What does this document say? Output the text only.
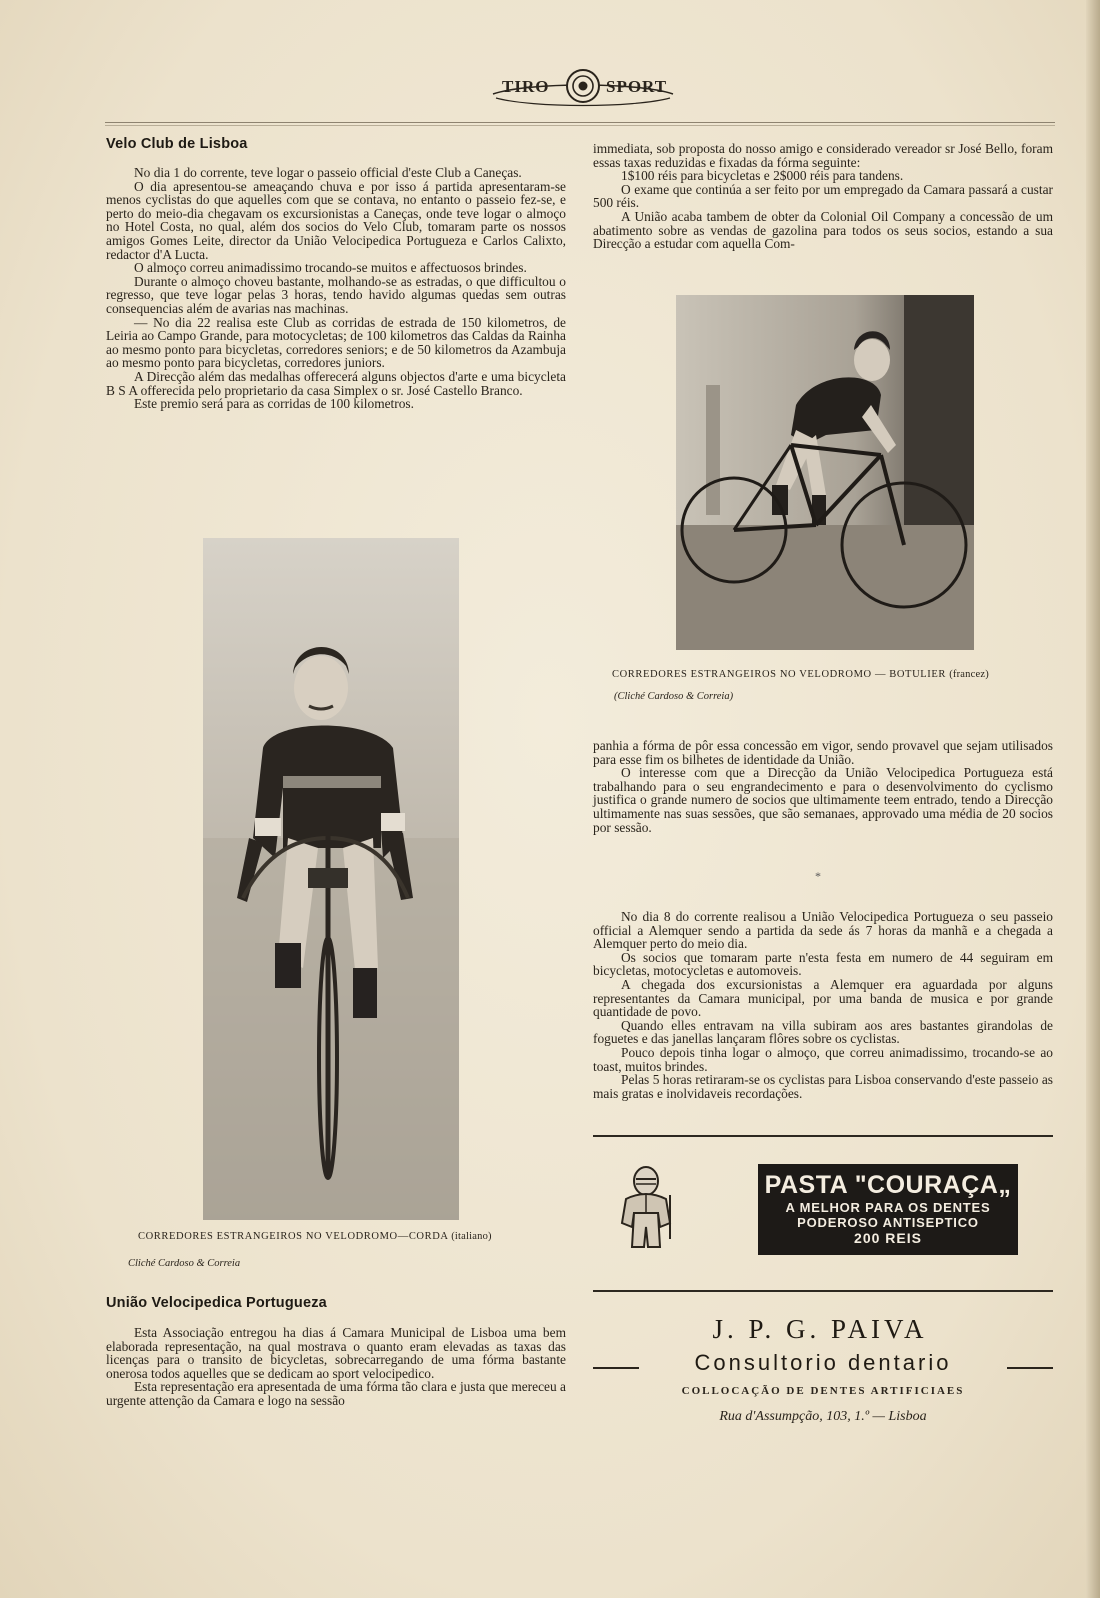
TIRO	SPORT
Velo Club de Lisboa

No dia 1 do corrente, teve logar o passeio official d'este Club a Caneças.

O dia apresentou-se ameaçando chuva e por isso á partida apresentaram-se menos cyclistas do que aquelles com que se contava, no entanto o passeio fez-se, e perto do meio-dia chegavam os excursionistas a Caneças, onde teve logar o almoço no Hotel Costa, no qual, além dos socios do Velo Club, tomaram parte os nossos amigos Gomes Leite, director da União Velocipedica Portugueza e Carlos Calixto, redactor d'A Lucta.

O almoço correu animadissimo trocando-se muitos e affectuosos brindes.

Durante o almoço choveu bastante, molhando-se as estradas, o que difficultou o regresso, que teve logar pelas 3 horas, tendo havido algumas quedas sem outras consequencias além de avarias nas machinas.

— No dia 22 realisa este Club as corridas de estrada de 150 kilometros, de Leiria ao Campo Grande, para motocycletas; de 100 kilometros das Caldas da Rainha ao mesmo ponto para bicycletas, corredores seniors; e de 50 kilometros da Azambuja ao mesmo ponto para bicycletas, corredores juniors.

A Direcção além das medalhas offerecerá alguns objectos d'arte e uma bicycleta B S A offerecida pelo proprietario da casa Simplex o sr. José Castello Branco.

Este premio será para as corridas de 100 kilometros.

CORREDORES ESTRANGEIROS NO VELODROMO—CORDA (italiano)
Cliché Cardoso & Correia
União Velocipedica Portugueza

Esta Associação entregou ha dias á Camara Municipal de Lisboa uma bem elaborada representação, na qual mostrava o quanto eram elevadas as taxas das licenças para o transito de bicycletas, sobrecarregando de uma fórma bastante onerosa todos aquelles que se dedicam ao sport velocipedico.

Esta representação era apresentada de uma fórma tão clara e justa que mereceu a urgente attenção da Camara e logo na sessão

immediata, sob proposta do nosso amigo e considerado vereador sr José Bello, foram essas taxas reduzidas e fixadas da fórma seguinte:

1$100 réis para bicycletas e 2$000 réis para tandens.

O exame que continúa a ser feito por um empregado da Camara passará a custar 500 réis.

A União acaba tambem de obter da Colonial Oil Company a concessão de um abatimento sobre as vendas de gazolina para todos os seus socios, estando a sua Direcção a estudar com aquella Com-

CORREDORES ESTRANGEIROS NO VELODROMO — BOTULIER (francez)
(Cliché Cardoso & Correia)

panhia a fórma de pôr essa concessão em vigor, sendo provavel que sejam utilisados para esse fim os bilhetes de identidade da União.

O interesse com que a Direcção da União Velocipedica Portugueza está trabalhando para o seu engrandecimento e para o desenvolvimento do cyclismo justifica o grande numero de socios que ultimamente teem entrado, tendo a Direcção ultimamente nas suas sessões, que são semanaes, approvado uma média de 20 socios por sessão.

*

No dia 8 do corrente realisou a União Velocipedica Portugueza o seu passeio official a Alemquer sendo a partida da sede ás 7 horas da manhã e a chegada a Alemquer perto do meio dia.

Os socios que tomaram parte n'esta festa em numero de 44 seguiram em bicycletas, motocycletas e automoveis.

A chegada dos excursionistas a Alemquer era aguardada por alguns representantes da Camara municipal, por uma banda de musica e por grande quantidade de povo.

Quando elles entravam na villa subiram aos ares bastantes girandolas de foguetes e das janellas lançaram flôres sobre os cyclistas.

Pouco depois tinha logar o almoço, que correu animadissimo, trocando-se ao toast, muitos brindes.

Pelas 5 horas retiraram-se os cyclistas para Lisboa conservando d'este passeio as mais gratas e inolvidaveis recordações.

PASTA "COURAÇA„
A MELHOR PARA OS DENTES
PODEROSO ANTISEPTICO
200 REIS
J. P. G. PAIVA
Consultorio dentario
COLLOCAÇÃO DE DENTES ARTIFICIAES
Rua d'Assumpção, 103, 1.º — Lisboa
